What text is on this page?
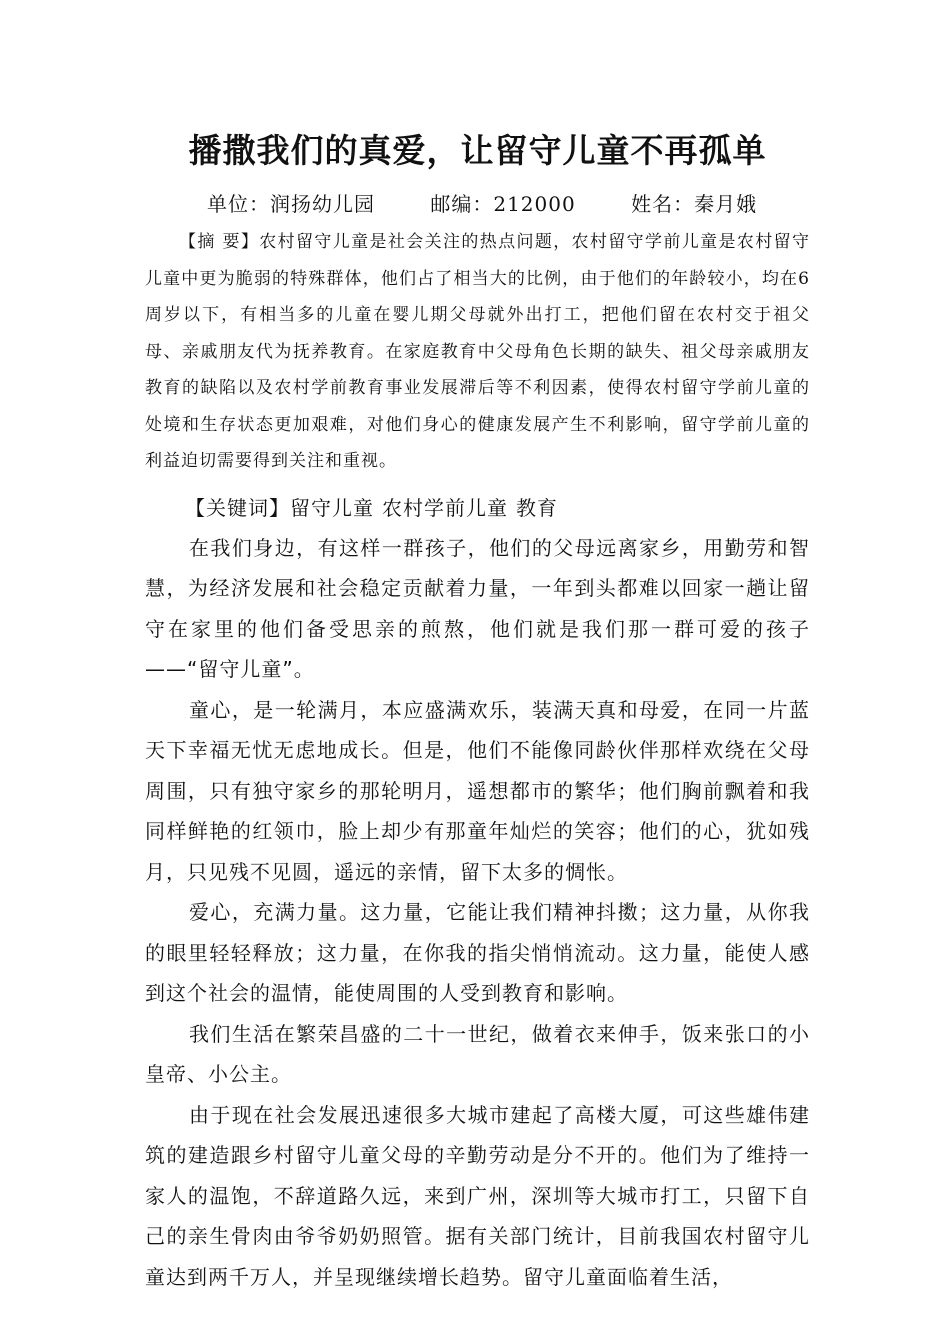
播撒我们的真爱，让留守儿童不再孤单
单位：润扬幼儿园	邮编：212000	姓名：秦月娥

【摘 要】农村留守儿童是社会关注的热点问题，农村留守学前儿童是农村留守儿童中更为脆弱的特殊群体，他们占了相当大的比例，由于他们的年龄较小，均在6周岁以下，有相当多的儿童在婴儿期父母就外出打工，把他们留在农村交于祖父母、亲戚朋友代为抚养教育。在家庭教育中父母角色长期的缺失、祖父母亲戚朋友教育的缺陷以及农村学前教育事业发展滞后等不利因素，使得农村留守学前儿童的处境和生存状态更加艰难，对他们身心的健康发展产生不利影响，留守学前儿童的利益迫切需要得到关注和重视。

【关键词】留守儿童 农村学前儿童 教育

在我们身边，有这样一群孩子，他们的父母远离家乡，用勤劳和智慧，为经济发展和社会稳定贡献着力量，一年到头都难以回家一趟让留守在家里的他们备受思亲的煎熬，他们就是我们那一群可爱的孩子——“留守儿童”。

童心，是一轮满月，本应盛满欢乐，装满天真和母爱，在同一片蓝天下幸福无忧无虑地成长。但是，他们不能像同龄伙伴那样欢绕在父母周围，只有独守家乡的那轮明月，遥想都市的繁华；他们胸前飘着和我同样鲜艳的红领巾，脸上却少有那童年灿烂的笑容；他们的心，犹如残月，只见残不见圆，遥远的亲情，留下太多的惆怅。

爱心，充满力量。这力量，它能让我们精神抖擞；这力量，从你我的眼里轻轻释放；这力量，在你我的指尖悄悄流动。这力量，能使人感到这个社会的温情，能使周围的人受到教育和影响。

我们生活在繁荣昌盛的二十一世纪，做着衣来伸手，饭来张口的小皇帝、小公主。

由于现在社会发展迅速很多大城市建起了高楼大厦，可这些雄伟建筑的建造跟乡村留守儿童父母的辛勤劳动是分不开的。他们为了维持一家人的温饱，不辞道路久远，来到广州，深圳等大城市打工，只留下自己的亲生骨肉由爷爷奶奶照管。据有关部门统计，目前我国农村留守儿童达到两千万人，并呈现继续增长趋势。留守儿童面临着生活，
